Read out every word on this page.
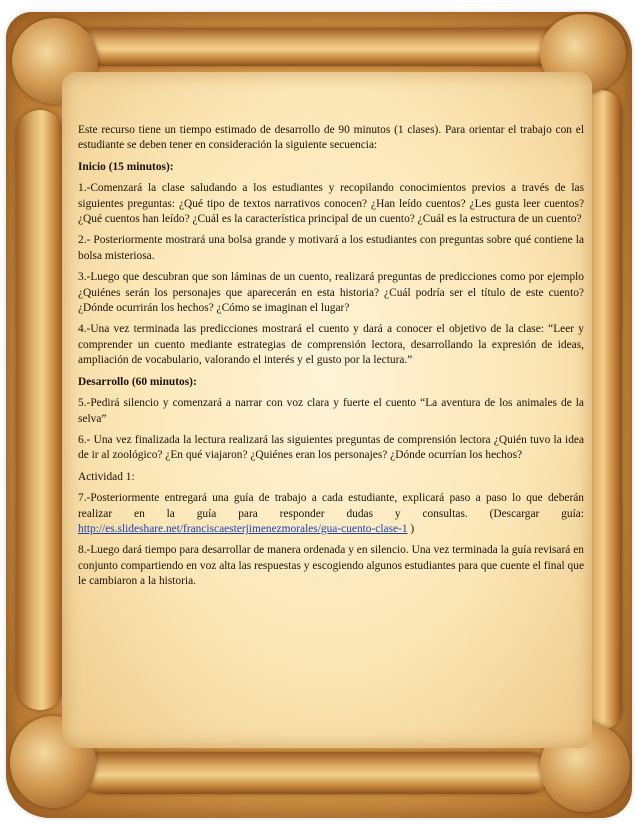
Este recurso tiene un tiempo estimado de desarrollo de 90 minutos (1 clases). Para orientar el trabajo con el estudiante se deben tener en consideración la siguiente secuencia:

Inicio (15 minutos):

1.-Comenzará la clase saludando a los estudiantes y recopilando conocimientos previos a través de las siguientes preguntas: ¿Qué tipo de textos narrativos conocen? ¿Han leído cuentos? ¿Les gusta leer cuentos? ¿Qué cuentos han leído? ¿Cuál es la característica principal de un cuento? ¿Cuál es la estructura de un cuento?

2.- Posteriormente mostrará una bolsa grande y motivará a los estudiantes con preguntas sobre qué contiene la bolsa misteriosa.

3.-Luego que descubran que son láminas de un cuento, realizará preguntas de predicciones como por ejemplo ¿Quiénes serán los personajes que aparecerán en esta historia? ¿Cuál podría ser el título de este cuento? ¿Dónde ocurrirán los hechos? ¿Cómo se imaginan el lugar?

4.-Una vez terminada las predicciones mostrará el cuento y dará a conocer el objetivo de la clase: “Leer y comprender un cuento mediante estrategias de comprensión lectora, desarrollando la expresión de ideas, ampliación de vocabulario, valorando el interés y el gusto por la lectura.”

Desarrollo (60 minutos):

5.-Pedirá silencio y comenzará a narrar con voz clara y fuerte el cuento “La aventura de los animales de la selva”

6.- Una vez finalizada la lectura realizará las siguientes preguntas de comprensión lectora ¿Quién tuvo la idea de ir al zoológico? ¿En qué viajaron? ¿Quiénes eran los personajes? ¿Dónde ocurrían los hechos?

Actividad 1:

7.-Posteriormente entregará una guía de trabajo a cada estudiante, explicará paso a paso lo que deberán realizar en la guía para responder dudas y consultas. (Descargar guía: http://es.slideshare.net/franciscaesterjimenezmorales/gua-cuento-clase-1 )

8.-Luego dará tiempo para desarrollar de manera ordenada y en silencio. Una vez terminada la guía revisará en conjunto compartiendo en voz alta las respuestas y escogiendo algunos estudiantes para que cuente el final que le cambiaron a la historia.
